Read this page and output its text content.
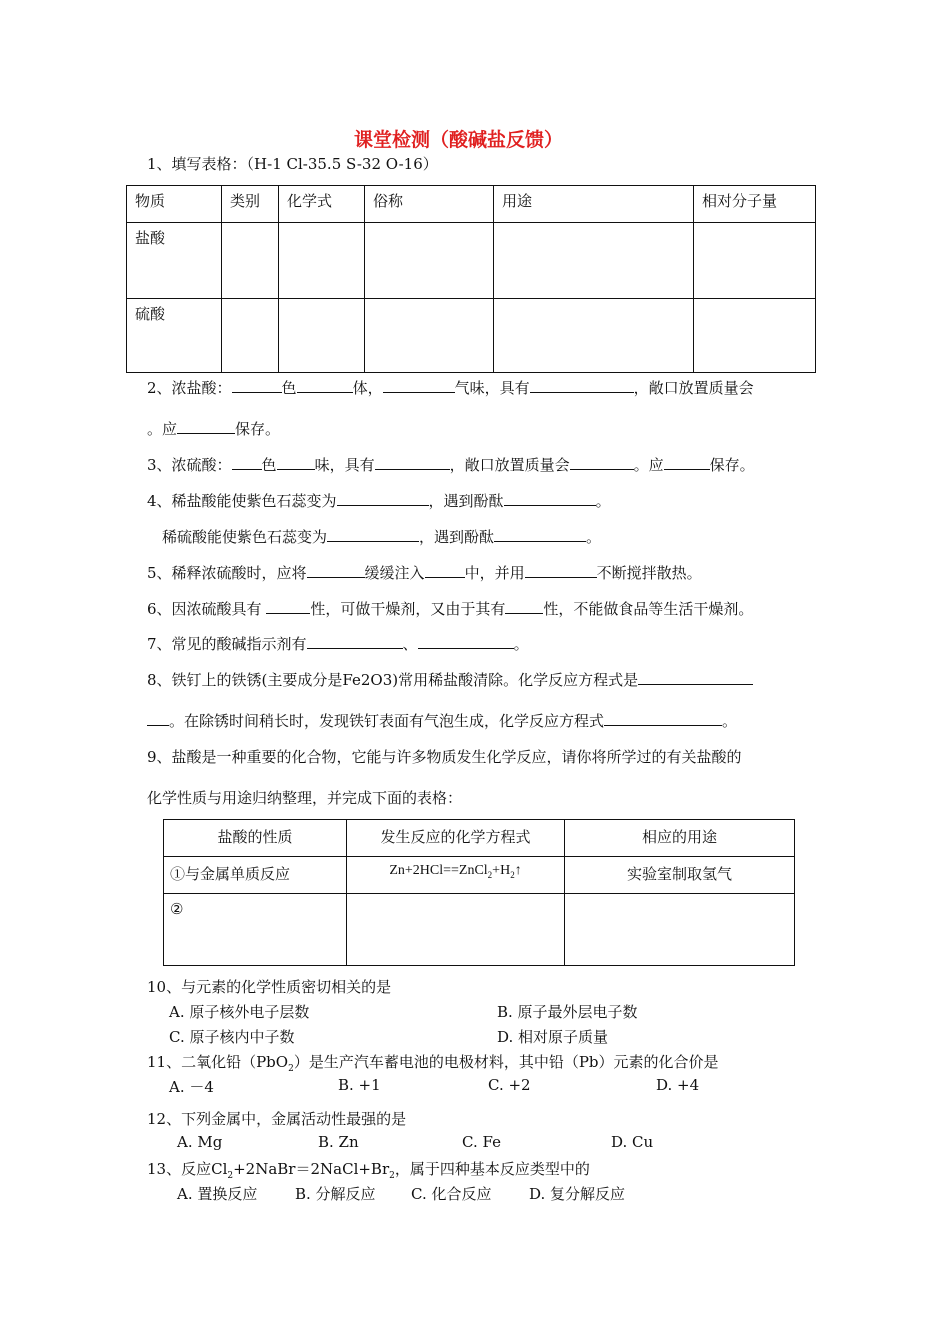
课堂检测（酸碱盐反馈）
1、填写表格：（H-1 Cl-35.5 S-32 O-16）
物质	类别	化学式	俗称	用途	相对分子量
盐酸					
硫酸					
2、浓盐酸：	色	体，	气味，具有	，敞口放置质量会
。应	保存。
3、浓硫酸： 色	味，具有	，敞口放置质量会	。应	保存。
4、稀盐酸能使紫色石蕊变为	，遇到酚酞	。
稀硫酸能使紫色石蕊变为	，遇到酚酞	。
5、稀释浓硫酸时，应将	缓缓注入	中，并用	不断搅拌散热。
6、因浓硫酸具有	性，可做干燥剂，又由于其有	性，不能做食品等生活干燥剂。
7、常见的酸碱指示剂有	、	。
8、铁钉上的铁锈(主要成分是Fe2O3)常用稀盐酸清除。化学反应方程式是
。在除锈时间稍长时，发现铁钉表面有气泡生成，化学反应方程式	。
9、盐酸是一种重要的化合物，它能与许多物质发生化学反应，请你将所学过的有关盐酸的
化学性质与用途归纳整理，并完成下面的表格：
盐酸的性质	发生反应的化学方程式	相应的用途
①与金属单质反应	$Zn+2HCl==ZnCl_2+H_2↑$	实验室制取氢气
②		
10、与元素的化学性质密切相关的是
A. 原子核外电子层数	B. 原子最外层电子数
C. 原子核内中子数	D. 相对原子质量
11、二氧化铅（PbO$_2$）是生产汽车蓄电池的电极材料，其中铅（Pb）元素的化合价是
A. －4	B. +1	C. +2	D. +4
12、下列金属中，金属活动性最强的是
A. Mg	B. Zn	C. Fe	D. Cu
13、反应$Cl_2+2NaBr=2NaCl+Br_2$，属于四种基本反应类型中的
A. 置换反应	B. 分解反应 C. 化合反应	D. 复分解反应
